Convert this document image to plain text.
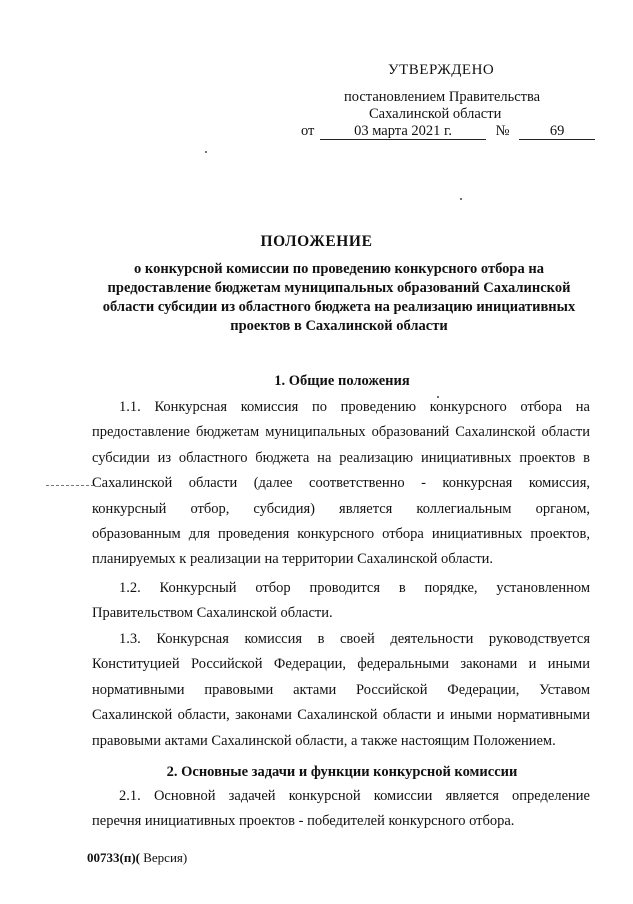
УТВЕРЖДЕНО
постановлением Правительства
Сахалинской области
от	03 марта 2021 г.	№	69
ПОЛОЖЕНИЕ
о конкурсной комиссии по проведению конкурсного отбора на
предоставление бюджетам муниципальных образований Сахалинской
области субсидии из областного бюджета на реализацию инициативных
проектов в Сахалинской области
1. Общие положения
1.1. Конкурсная комиссия по проведению конкурсного отбора на
предоставление бюджетам муниципальных образований Сахалинской области
субсидии из областного бюджета на реализацию инициативных проектов в
Сахалинской области (далее соответственно - конкурсная комиссия,
конкурсный отбор, субсидия) является коллегиальным органом,
образованным для проведения конкурсного отбора инициативных проектов,
планируемых к реализации на территории Сахалинской области.
1.2. Конкурсный отбор проводится в порядке, установленном
Правительством Сахалинской области.
1.3. Конкурсная комиссия в своей деятельности руководствуется
Конституцией Российской Федерации, федеральными законами и иными
нормативными правовыми актами Российской Федерации, Уставом
Сахалинской области, законами Сахалинской области и иными нормативными
правовыми актами Сахалинской области, а также настоящим Положением.
2. Основные задачи и функции конкурсной комиссии
2.1. Основной задачей конкурсной комиссии является определение
перечня инициативных проектов - победителей конкурсного отбора.
00733(п)( Версия)
